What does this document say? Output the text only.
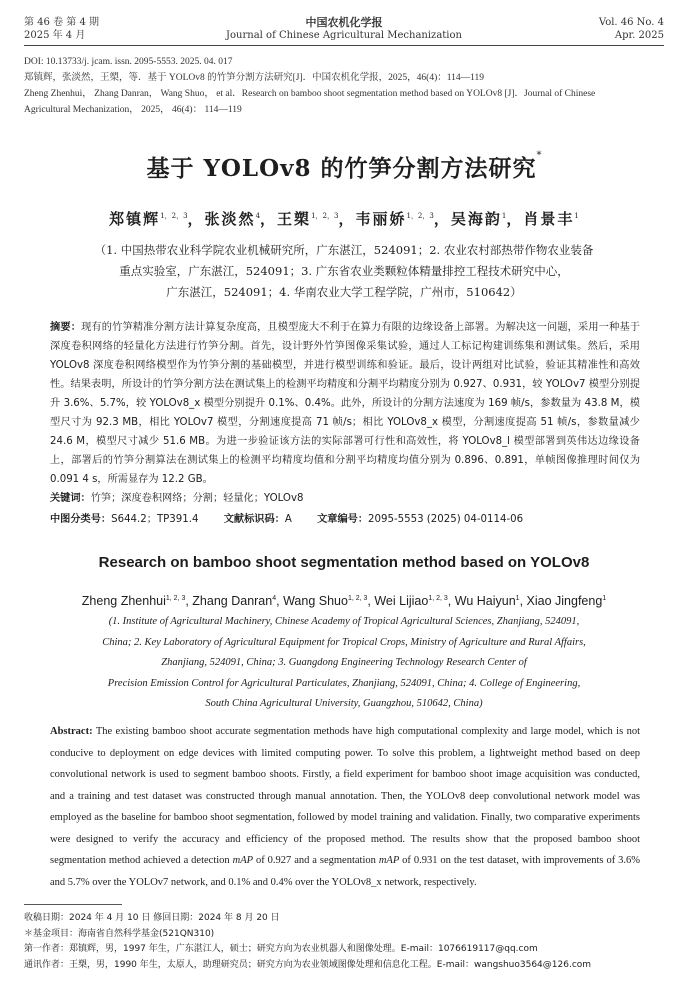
第 46 卷 第 4 期
2025 年 4 月
中国农机化学报
Journal of Chinese Agricultural Mechanization
Vol. 46 No. 4
Apr. 2025
DOI: 10.13733/j. jcam. issn. 2095-5553. 2025. 04. 017
郑镇辉，张淡然，王槊，等．基于 YOLOv8 的竹笋分割方法研究[J]．中国农机化学报，2025，46(4)：114—119
Zheng Zhenhui， Zhang Danran， Wang Shuo， et al．Research on bamboo shoot segmentation method based on YOLOv8 [J]．Journal of Chinese
Agricultural Mechanization， 2025， 46(4)： 114—119
基于 YOLOv8 的竹笋分割方法研究*
郑镇辉$^{1,2,3}$，张淡然$^4$，王槊$^{1,2,3}$，韦丽娇$^{1,2,3}$，吴海韵$^1$，肖景丰$^1$
（1. 中国热带农业科学院农业机械研究所，广东湛江，524091；2. 农业农村部热带作物农业装备
重点实验室，广东湛江，524091；3. 广东省农业类颗粒体精量排控工程技术研究中心，
广东湛江，524091；4. 华南农业大学工程学院，广州市，510642）
摘要：现有的竹笋精准分割方法计算复杂度高，且模型庞大不利于在算力有限的边缘设备上部署。为解决这一问题，采用一种基于深度卷积网络的轻量化方法进行竹笋分割。首先，设计野外竹笋图像采集试验，通过人工标记构建训练集和测试集。然后，采用 YOLOv8 深度卷积网络模型作为竹笋分割的基础模型，并进行模型训练和验证。最后，设计两组对比试验，验证其精准性和高效性。结果表明，所设计的竹笋分割方法在测试集上的检测平均精度和分割平均精度分别为 0.927、0.931，较 YOLOv7 模型分别提升 3.6%、5.7%，较 YOLOv8_x 模型分别提升 0.1%、0.4%。此外，所设计的分割方法速度为 169 帧/s，参数量为 43.8 M，模型尺寸为 92.3 MB，相比 YOLOv7 模型，分割速度提高 71 帧/s；相比 YOLOv8_x 模型，分割速度提高 51 帧/s，参数量减少 24.6 M，模型尺寸减少 51.6 MB。为进一步验证该方法的实际部署可行性和高效性，将 YOLOv8_l 模型部署到英伟达边缘设备上，部署后的竹笋分割算法在测试集上的检测平均精度均值和分割平均精度均值分别为 0.896、0.891，单帧图像推理时间仅为 0.091 4 s，所需显存为 12.2 GB。
关键词：竹笋；深度卷积网络；分割；轻量化；YOLOv8
中图分类号：S644.2；TP391.4 文献标识码：A 文章编号：2095-5553 (2025) 04-0114-06
Research on bamboo shoot segmentation method based on YOLOv8
Zheng Zhenhui$^{1, 2, 3}$, Zhang Danran$^4$, Wang Shuo$^{1, 2, 3}$, Wei Lijiao$^{1, 2, 3}$, Wu Haiyun$^1$, Xiao Jingfeng$^1$
(1. Institute of Agricultural Machinery, Chinese Academy of Tropical Agricultural Sciences, Zhanjiang, 524091,
China; 2. Key Laboratory of Agricultural Equipment for Tropical Crops, Ministry of Agriculture and Rural Affairs,
Zhanjiang, 524091, China; 3. Guangdong Engineering Technology Research Center of
Precision Emission Control for Agricultural Particulates, Zhanjiang, 524091, China; 4. College of Engineering,
South China Agricultural University, Guangzhou, 510642, China)
Abstract: The existing bamboo shoot accurate segmentation methods have high computational complexity and large model, which is not conducive to deployment on edge devices with limited computing power. To solve this problem, a lightweight method based on deep convolutional network is used to segment bamboo shoots. Firstly, a field experiment for bamboo shoot image acquisition was conducted, and a training and test dataset was constructed through manual annotation. Then, the YOLOv8 deep convolutional network model was employed as the baseline for bamboo shoot segmentation, followed by model training and validation. Finally, two comparative experiments were designed to verify the accuracy and efficiency of the proposed method. The results show that the proposed bamboo shoot segmentation method achieved a detection mAP of 0.927 and a segmentation mAP of 0.931 on the test dataset, with improvements of 3.6% and 5.7% over the YOLOv7 network, and 0.1% and 0.4% over the YOLOv8_x network, respectively.
收稿日期：2024 年 4 月 10 日 修回日期：2024 年 8 月 20 日
＊基金项目：海南省自然科学基金(521QN310)
第一作者：郑镇辉，男，1997 年生，广东湛江人，硕士；研究方向为农业机器人和图像处理。E-mail：1076619117@qq.com
通讯作者：王槊，男，1990 年生，太原人，助理研究员；研究方向为农业领域图像处理和信息化工程。E-mail：wangshuo3564@126.com
